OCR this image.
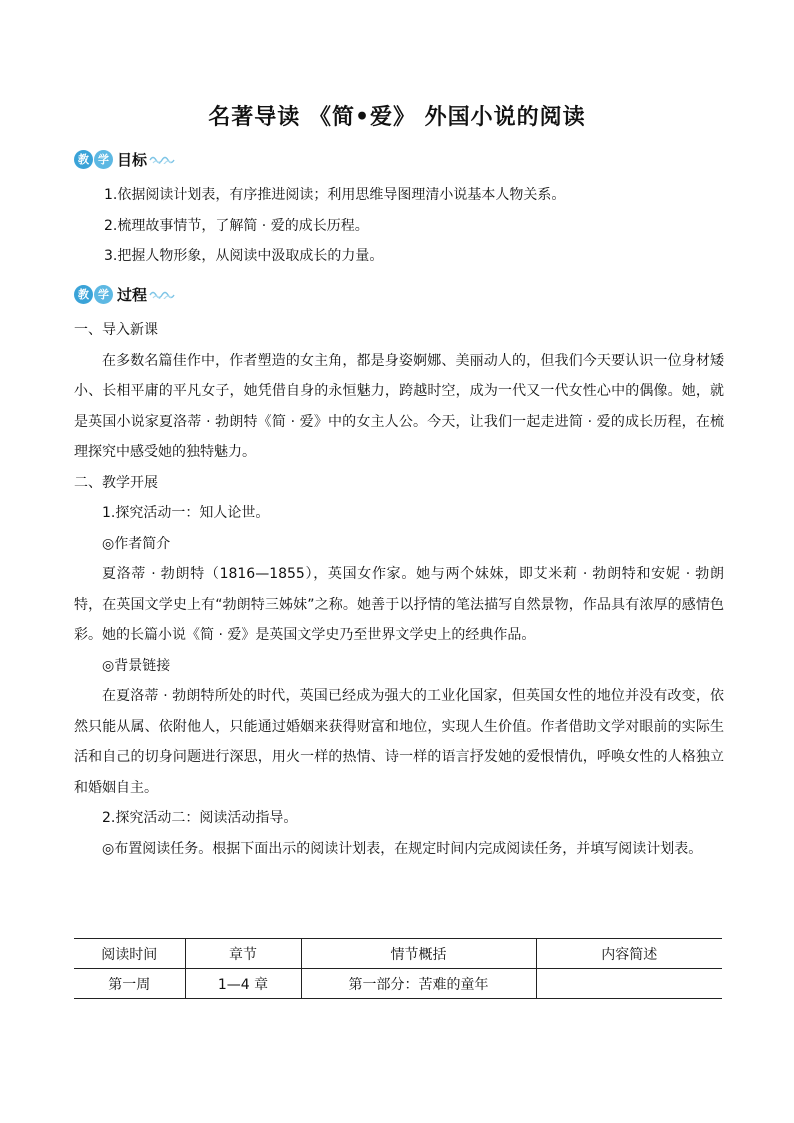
名著导读 《简•爱》 外国小说的阅读
教 学 目标

1.依据阅读计划表，有序推进阅读；利用思维导图理清小说基本人物关系。

2.梳理故事情节，了解简 · 爱的成长历程。

3.把握人物形象，从阅读中汲取成长的力量。

教 学 过程

一、导入新课

在多数名篇佳作中，作者塑造的女主角，都是身姿婀娜、美丽动人的，但我们今天要认识一位身材矮小、长相平庸的平凡女子，她凭借自身的永恒魅力，跨越时空，成为一代又一代女性心中的偶像。她，就是英国小说家夏洛蒂 · 勃朗特《简 · 爱》中的女主人公。今天，让我们一起走进简 · 爱的成长历程，在梳理探究中感受她的独特魅力。

二、教学开展

1.探究活动一：知人论世。

◎作者简介

夏洛蒂 · 勃朗特（1816—1855），英国女作家。她与两个妹妹，即艾米莉 · 勃朗特和安妮 · 勃朗特，在英国文学史上有“勃朗特三姊妹”之称。她善于以抒情的笔法描写自然景物，作品具有浓厚的感情色彩。她的长篇小说《简 · 爱》是英国文学史乃至世界文学史上的经典作品。

◎背景链接

在夏洛蒂 · 勃朗特所处的时代，英国已经成为强大的工业化国家，但英国女性的地位并没有改变，依然只能从属、依附他人，只能通过婚姻来获得财富和地位，实现人生价值。作者借助文学对眼前的实际生活和自己的切身问题进行深思，用火一样的热情、诗一样的语言抒发她的爱恨情仇，呼唤女性的人格独立和婚姻自主。

2.探究活动二：阅读活动指导。

◎布置阅读任务。根据下面出示的阅读计划表，在规定时间内完成阅读任务，并填写阅读计划表。

阅读时间	章节	情节概括	内容简述
第一周	1—4 章	第一部分：苦难的童年	
